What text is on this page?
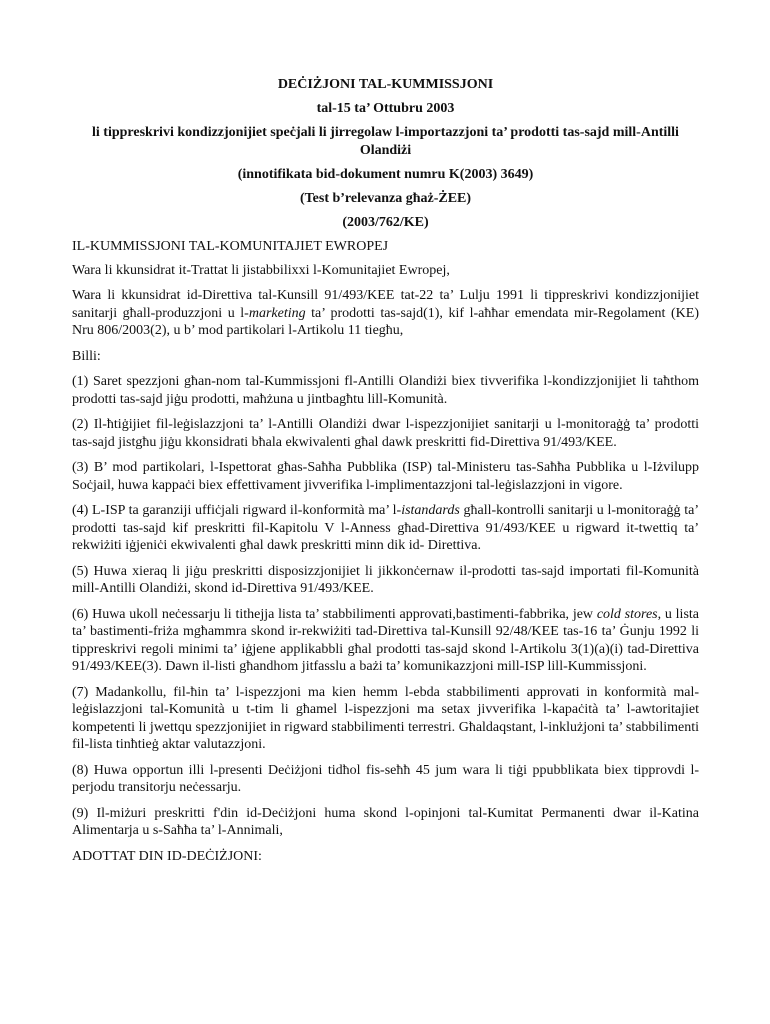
DEĊIŻJONI TAL-KUMMISSJONI
tal-15 ta’ Ottubru 2003
li tippreskrivi kondizzjonijiet speċjali li jirregolaw l-importazzjoni ta’ prodotti tas-sajd mill-Antilli Olandiżi
(innotifikata bid-dokument numru K(2003) 3649)
(Test b’relevanza għaż-ŻEE)
(2003/762/KE)

IL-KUMMISSJONI TAL-KOMUNITAJIET EWROPEJ

Wara li kkunsidrat it-Trattat li jistabbilixxi l-Komunitajiet Ewropej,

Wara li kkunsidrat id-Direttiva tal-Kunsill 91/493/KEE tat-22 ta’ Lulju 1991 li tippreskrivi kondizzjonijiet sanitarji għall-produzzjoni u l-marketing ta’ prodotti tas-sajd(1), kif l-aħħar emendata mir-Regolament (KE) Nru 806/2003(2), u b’ mod partikolari l-Artikolu 11 tiegħu,

Billi:

(1) Saret spezzjoni għan-nom tal-Kummissjoni fl-Antilli Olandiżi biex tivverifika l-kondizzjonijiet li taħthom prodotti tas-sajd jiġu prodotti, maħżuna u jintbagħtu lill-Komunità.

(2) Il-ħtiġijiet fil-leġislazzjoni ta’ l-Antilli Olandiżi dwar l-ispezzjonijiet sanitarji u l-monitoraġġ ta’ prodotti tas-sajd jistgħu jiġu kkonsidrati bħala ekwivalenti għal dawk preskritti fid-Direttiva 91/493/KEE.

(3) B’ mod partikolari, l-Ispettorat għas-Saħħa Pubblika (ISP) tal-Ministeru tas-Saħħa Pubblika u l-Iżvilupp Soċjail, huwa kappaċi biex effettivament jivverifika l-implimentazzjoni tal-leġislazzjoni in vigore.

(4) L-ISP ta garanziji uffiċjali rigward il-konformità ma’ l-istandards għall-kontrolli sanitarji u l-monitoraġġ ta’ prodotti tas-sajd kif preskritti fil-Kapitolu V l-Anness għad-Direttiva 91/493/KEE u rigward it-twettiq ta’ rekwiżiti iġjeniċi ekwivalenti għal dawk preskritti minn dik id- Direttiva.

(5) Huwa xieraq li jiġu preskritti disposizzjonijiet li jikkonċernaw il-prodotti tas-sajd importati fil-Komunità mill-Antilli Olandiżi, skond id-Direttiva 91/493/KEE.

(6) Huwa ukoll neċessarju li tithejja lista ta’ stabbilimenti approvati,bastimenti-fabbrika, jew cold stores, u lista ta’ bastimenti-friża mgħammra skond ir-rekwiżiti tad-Direttiva tal-Kunsill 92/48/KEE tas-16 ta’ Ġunju 1992 li tippreskrivi regoli minimi ta’ iġjene applikabbli għal prodotti tas-sajd skond l-Artikolu 3(1)(a)(i) tad-Direttiva 91/493/KEE(3). Dawn il-listi għandhom jitfasslu a bażi ta’ komunikazzjoni mill-ISP lill-Kummissjoni.

(7) Madankollu, fil-ħin ta’ l-ispezzjoni ma kien hemm l-ebda stabbilimenti approvati in konformità mal-leġislazzjoni tal-Komunità u t-tim li għamel l-ispezzjoni ma setax jivverifika l-kapaċità ta’ l-awtoritajiet kompetenti li jwettqu spezzjonijiet in rigward stabbilimenti terrestri. Għaldaqstant, l-inklużjoni ta’ stabbilimenti fil-lista tinħtieġ aktar valutazzjoni.

(8) Huwa opportun illi l-presenti Deċiżjoni tidħol fis-seħħ 45 jum wara li tiġi ppubblikata biex tipprovdi l-perjodu transitorju neċessarju.

(9) Il-miżuri preskritti f'din id-Deċiżjoni huma skond l-opinjoni tal-Kumitat Permanenti dwar il-Katina Alimentarja u s-Saħħa ta’ l-Annimali,

ADOTTAT DIN ID-DEĊIŻJONI:
